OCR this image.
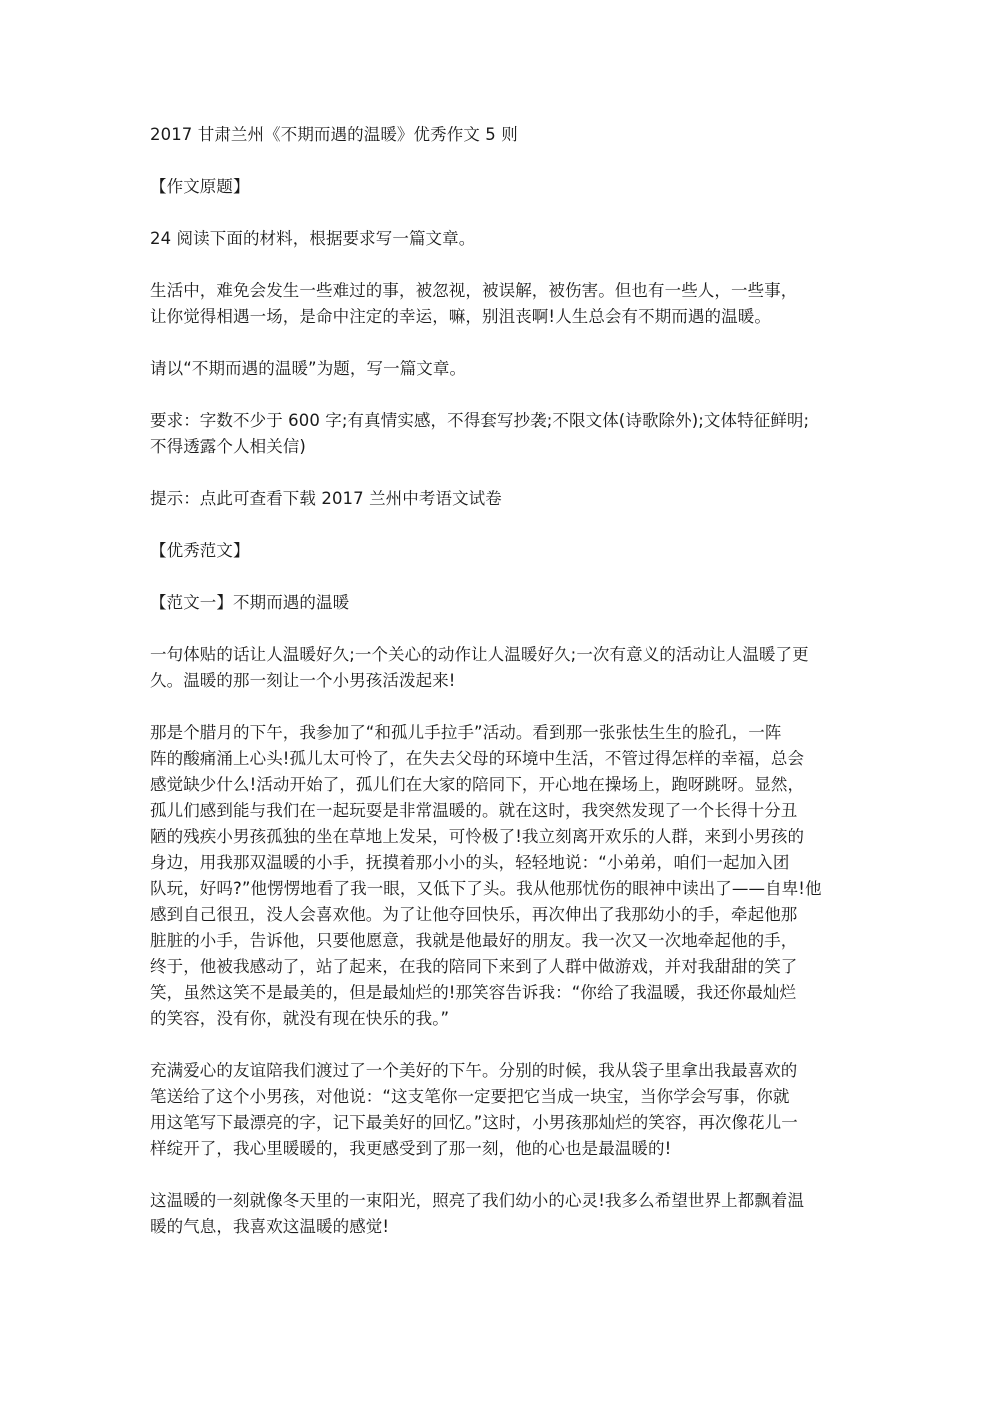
2017 甘肃兰州《不期而遇的温暖》优秀作文 5 则

【作文原题】

24 阅读下面的材料，根据要求写一篇文章。

生活中，难免会发生一些难过的事，被忽视，被误解，被伤害。但也有一些人，一些事，
让你觉得相遇一场，是命中注定的幸运，嘛，别沮丧啊!人生总会有不期而遇的温暖。

请以“不期而遇的温暖”为题，写一篇文章。

要求：字数不少于 600 字;有真情实感，不得套写抄袭;不限文体(诗歌除外);文体特征鲜明;
不得透露个人相关信)

提示：点此可查看下载 2017 兰州中考语文试卷

【优秀范文】

【范文一】不期而遇的温暖

一句体贴的话让人温暖好久;一个关心的动作让人温暖好久;一次有意义的活动让人温暖了更
久。温暖的那一刻让一个小男孩活泼起来!

那是个腊月的下午，我参加了“和孤儿手拉手”活动。看到那一张张怯生生的脸孔，一阵
阵的酸痛涌上心头!孤儿太可怜了，在失去父母的环境中生活，不管过得怎样的幸福，总会
感觉缺少什么!活动开始了，孤儿们在大家的陪同下，开心地在操场上，跑呀跳呀。显然，
孤儿们感到能与我们在一起玩耍是非常温暖的。就在这时，我突然发现了一个长得十分丑
陋的残疾小男孩孤独的坐在草地上发呆，可怜极了!我立刻离开欢乐的人群，来到小男孩的
身边，用我那双温暖的小手，抚摸着那小小的头，轻轻地说：“小弟弟，咱们一起加入团
队玩，好吗?”他愣愣地看了我一眼，又低下了头。我从他那忧伤的眼神中读出了——自卑!他
感到自己很丑，没人会喜欢他。为了让他夺回快乐，再次伸出了我那幼小的手，牵起他那
脏脏的小手，告诉他，只要他愿意，我就是他最好的朋友。我一次又一次地牵起他的手，
终于，他被我感动了，站了起来，在我的陪同下来到了人群中做游戏，并对我甜甜的笑了
笑，虽然这笑不是最美的，但是最灿烂的!那笑容告诉我：“你给了我温暖，我还你最灿烂
的笑容，没有你，就没有现在快乐的我。”

充满爱心的友谊陪我们渡过了一个美好的下午。分别的时候，我从袋子里拿出我最喜欢的
笔送给了这个小男孩，对他说：“这支笔你一定要把它当成一块宝，当你学会写事，你就
用这笔写下最漂亮的字，记下最美好的回忆。”这时，小男孩那灿烂的笑容，再次像花儿一
样绽开了，我心里暖暖的，我更感受到了那一刻，他的心也是最温暖的!

这温暖的一刻就像冬天里的一束阳光，照亮了我们幼小的心灵!我多么希望世界上都飘着温
暖的气息，我喜欢这温暖的感觉!
